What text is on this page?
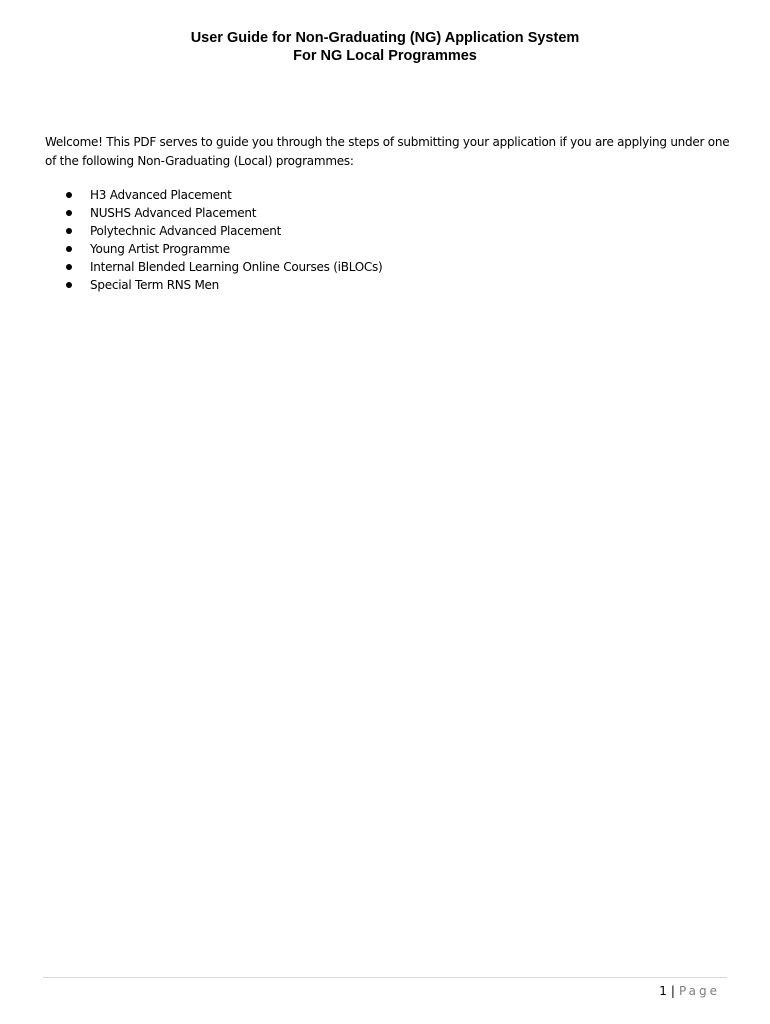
User Guide for Non-Graduating (NG) Application System
For NG Local Programmes

Welcome! This PDF serves to guide you through the steps of submitting your application if you are applying under one of the following Non-Graduating (Local) programmes:

H3 Advanced Placement
NUSHS Advanced Placement
Polytechnic Advanced Placement
Young Artist Programme
Internal Blended Learning Online Courses (iBLOCs)
Special Term RNS Men
1 | Page
